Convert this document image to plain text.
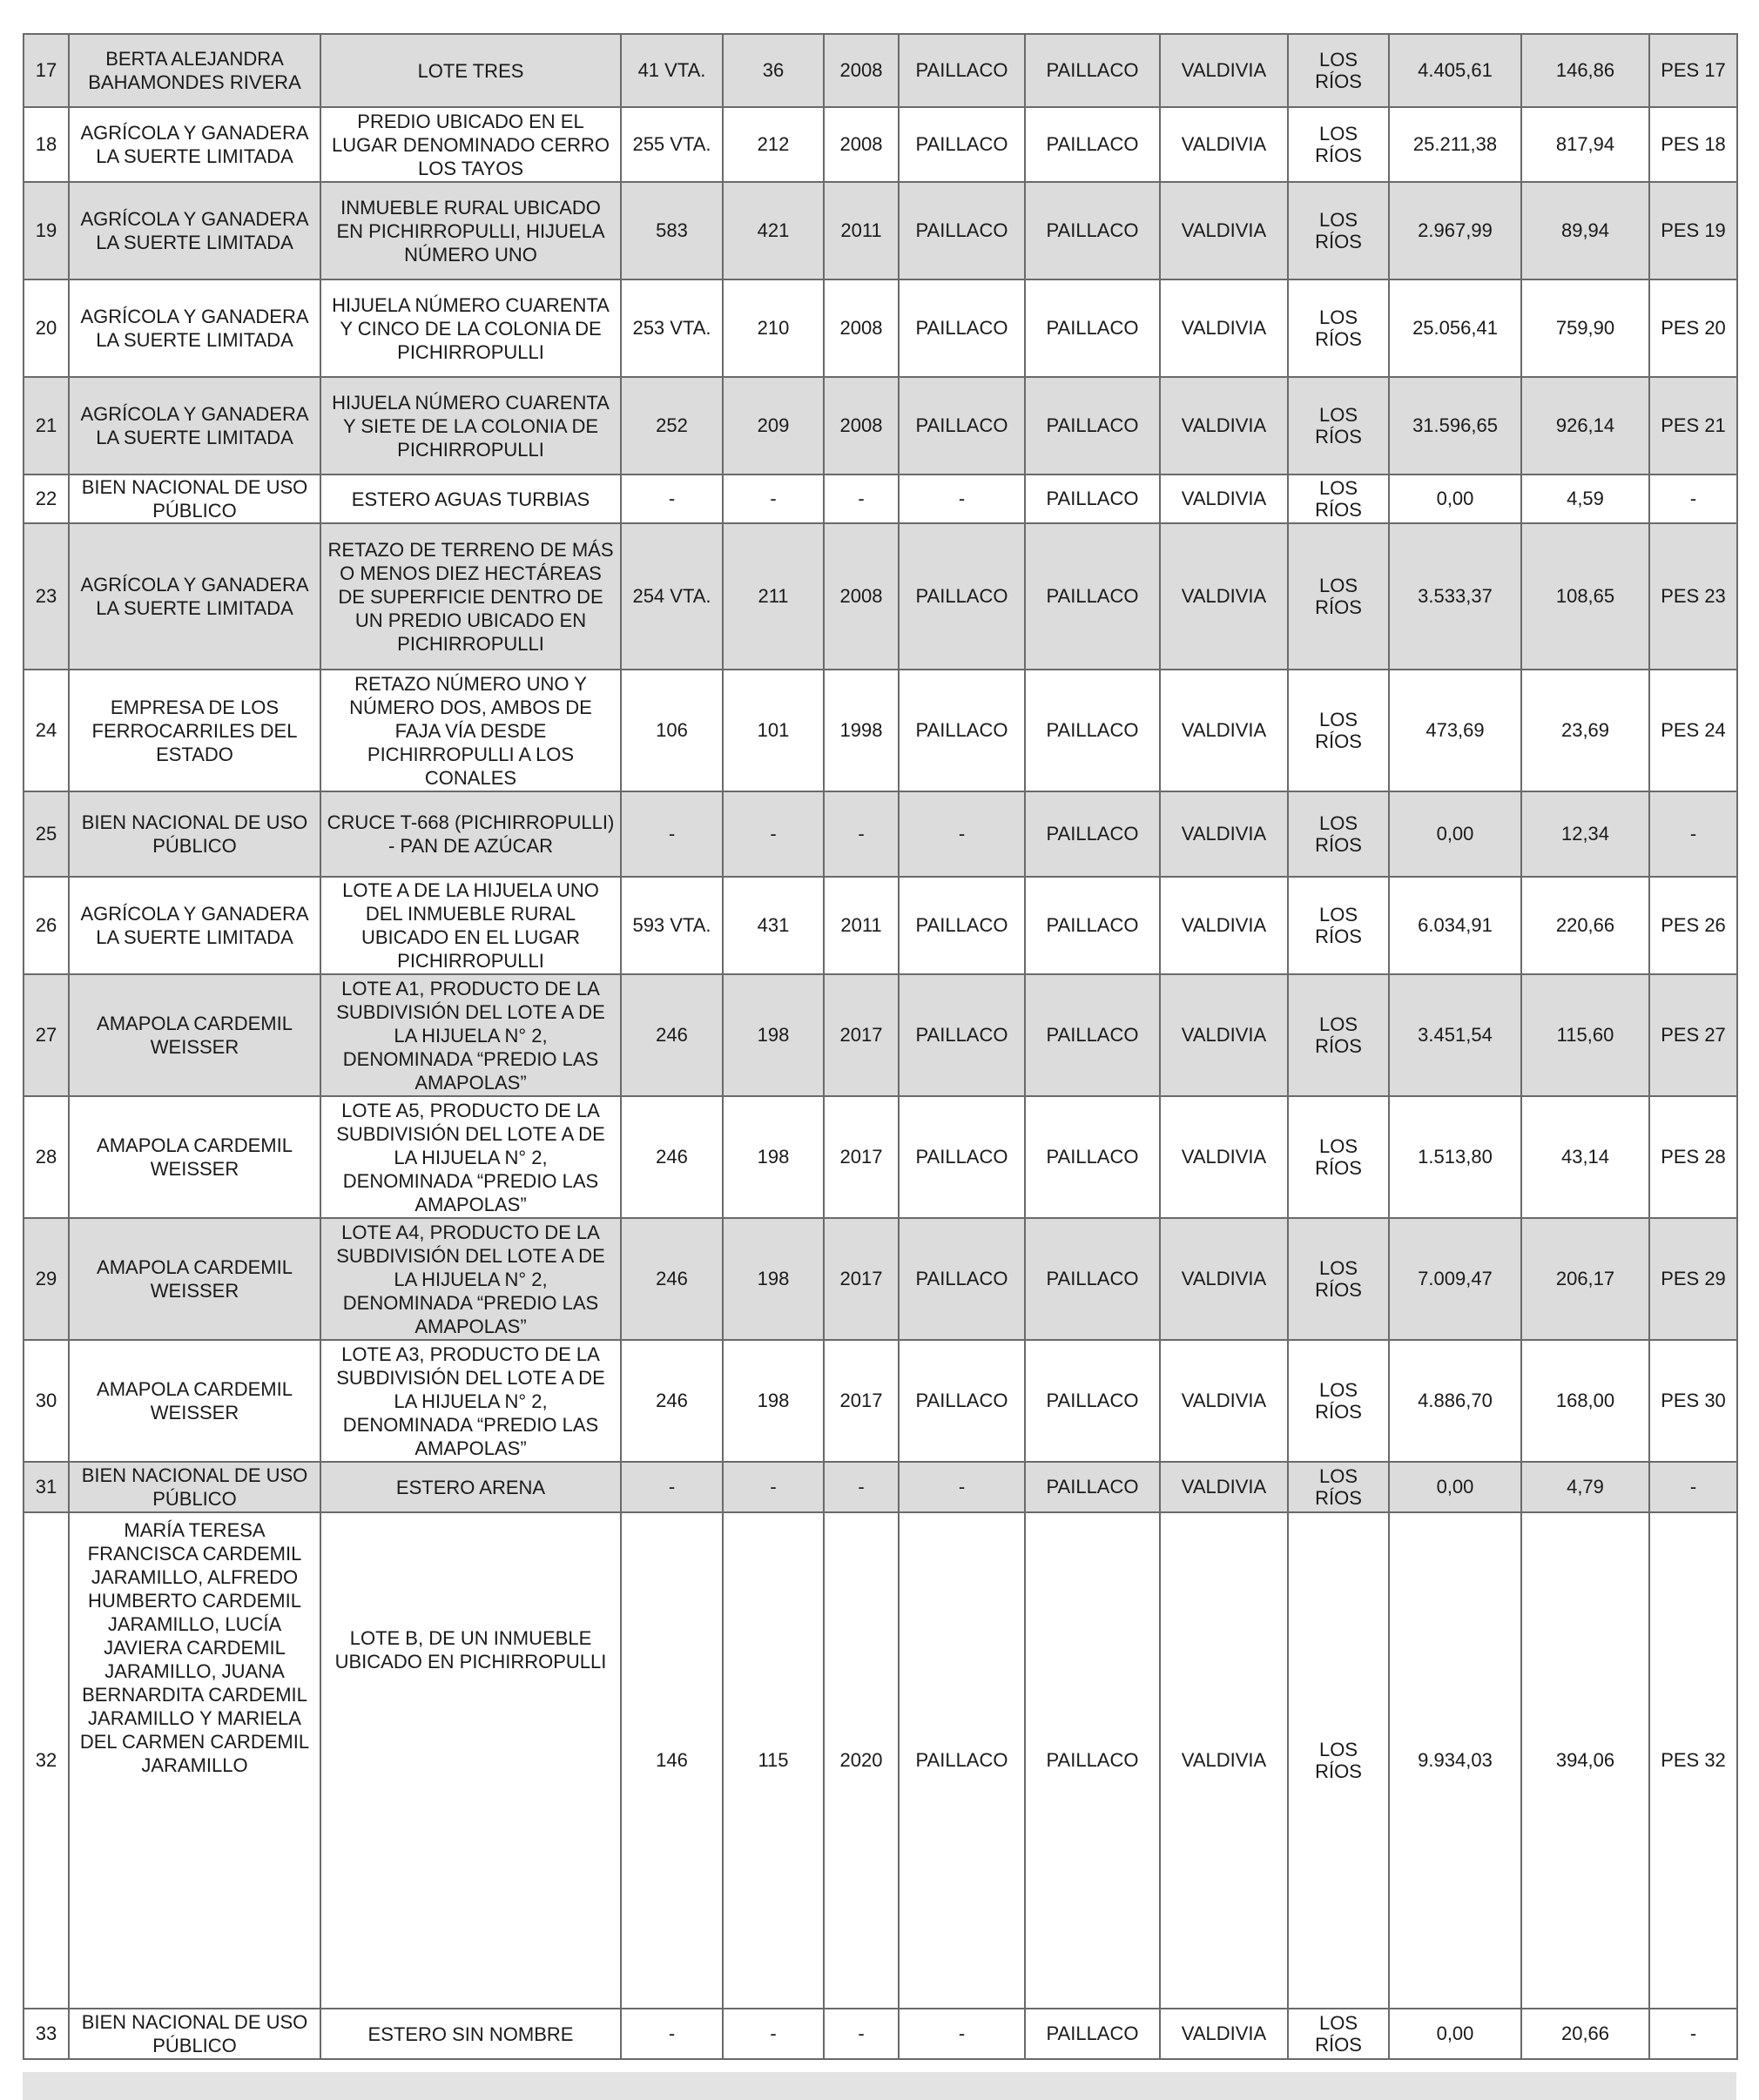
17	BERTA ALEJANDRA BAHAMONDES RIVERA	LOTE TRES	41 VTA.	36	2008	PAILLACO	PAILLACO	VALDIVIA	LOS RÍOS	4.405,61	146,86	PES 17
18	AGRÍCOLA Y GANADERA LA SUERTE LIMITADA	PREDIO UBICADO EN EL LUGAR DENOMINADO CERRO LOS TAYOS	255 VTA.	212	2008	PAILLACO	PAILLACO	VALDIVIA	LOS RÍOS	25.211,38	817,94	PES 18
19	AGRÍCOLA Y GANADERA LA SUERTE LIMITADA	INMUEBLE RURAL UBICADO EN PICHIRROPULLI, HIJUELA NÚMERO UNO	583	421	2011	PAILLACO	PAILLACO	VALDIVIA	LOS RÍOS	2.967,99	89,94	PES 19
20	AGRÍCOLA Y GANADERA LA SUERTE LIMITADA	HIJUELA NÚMERO CUARENTA Y CINCO DE LA COLONIA DE PICHIRROPULLI	253 VTA.	210	2008	PAILLACO	PAILLACO	VALDIVIA	LOS RÍOS	25.056,41	759,90	PES 20
21	AGRÍCOLA Y GANADERA LA SUERTE LIMITADA	HIJUELA NÚMERO CUARENTA Y SIETE DE LA COLONIA DE PICHIRROPULLI	252	209	2008	PAILLACO	PAILLACO	VALDIVIA	LOS RÍOS	31.596,65	926,14	PES 21
22	BIEN NACIONAL DE USO PÚBLICO	ESTERO AGUAS TURBIAS	-	-	-	-	PAILLACO	VALDIVIA	LOS RÍOS	0,00	4,59	-
23	AGRÍCOLA Y GANADERA LA SUERTE LIMITADA	RETAZO DE TERRENO DE MÁS O MENOS DIEZ HECTÁREAS DE SUPERFICIE DENTRO DE UN PREDIO UBICADO EN PICHIRROPULLI	254 VTA.	211	2008	PAILLACO	PAILLACO	VALDIVIA	LOS RÍOS	3.533,37	108,65	PES 23
24	EMPRESA DE LOS FERROCARRILES DEL ESTADO	RETAZO NÚMERO UNO Y NÚMERO DOS, AMBOS DE FAJA VÍA DESDE PICHIRROPULLI A LOS CONALES	106	101	1998	PAILLACO	PAILLACO	VALDIVIA	LOS RÍOS	473,69	23,69	PES 24
25	BIEN NACIONAL DE USO PÚBLICO	CRUCE T-668 (PICHIRROPULLI) - PAN DE AZÚCAR	-	-	-	-	PAILLACO	VALDIVIA	LOS RÍOS	0,00	12,34	-
26	AGRÍCOLA Y GANADERA LA SUERTE LIMITADA	LOTE A DE LA HIJUELA UNO DEL INMUEBLE RURAL UBICADO EN EL LUGAR PICHIRROPULLI	593 VTA.	431	2011	PAILLACO	PAILLACO	VALDIVIA	LOS RÍOS	6.034,91	220,66	PES 26
27	AMAPOLA CARDEMIL WEISSER	LOTE A1, PRODUCTO DE LA SUBDIVISIÓN DEL LOTE A DE LA HIJUELA N° 2, DENOMINADA “PREDIO LAS AMAPOLAS”	246	198	2017	PAILLACO	PAILLACO	VALDIVIA	LOS RÍOS	3.451,54	115,60	PES 27
28	AMAPOLA CARDEMIL WEISSER	LOTE A5, PRODUCTO DE LA SUBDIVISIÓN DEL LOTE A DE LA HIJUELA N° 2, DENOMINADA “PREDIO LAS AMAPOLAS”	246	198	2017	PAILLACO	PAILLACO	VALDIVIA	LOS RÍOS	1.513,80	43,14	PES 28
29	AMAPOLA CARDEMIL WEISSER	LOTE A4, PRODUCTO DE LA SUBDIVISIÓN DEL LOTE A DE LA HIJUELA N° 2, DENOMINADA “PREDIO LAS AMAPOLAS”	246	198	2017	PAILLACO	PAILLACO	VALDIVIA	LOS RÍOS	7.009,47	206,17	PES 29
30	AMAPOLA CARDEMIL WEISSER	LOTE A3, PRODUCTO DE LA SUBDIVISIÓN DEL LOTE A DE LA HIJUELA N° 2, DENOMINADA “PREDIO LAS AMAPOLAS”	246	198	2017	PAILLACO	PAILLACO	VALDIVIA	LOS RÍOS	4.886,70	168,00	PES 30
31	BIEN NACIONAL DE USO PÚBLICO	ESTERO ARENA	-	-	-	-	PAILLACO	VALDIVIA	LOS RÍOS	0,00	4,79	-
32	MARÍA TERESA FRANCISCA CARDEMIL JARAMILLO, ALFREDO HUMBERTO CARDEMIL JARAMILLO, LUCÍA JAVIERA CARDEMIL JARAMILLO, JUANA BERNARDITA CARDEMIL JARAMILLO Y MARIELA DEL CARMEN CARDEMIL JARAMILLO	LOTE B, DE UN INMUEBLE UBICADO EN PICHIRROPULLI	146	115	2020	PAILLACO	PAILLACO	VALDIVIA	LOS RÍOS	9.934,03	394,06	PES 32
33	BIEN NACIONAL DE USO PÚBLICO	ESTERO SIN NOMBRE	-	-	-	-	PAILLACO	VALDIVIA	LOS RÍOS	0,00	20,66	-
